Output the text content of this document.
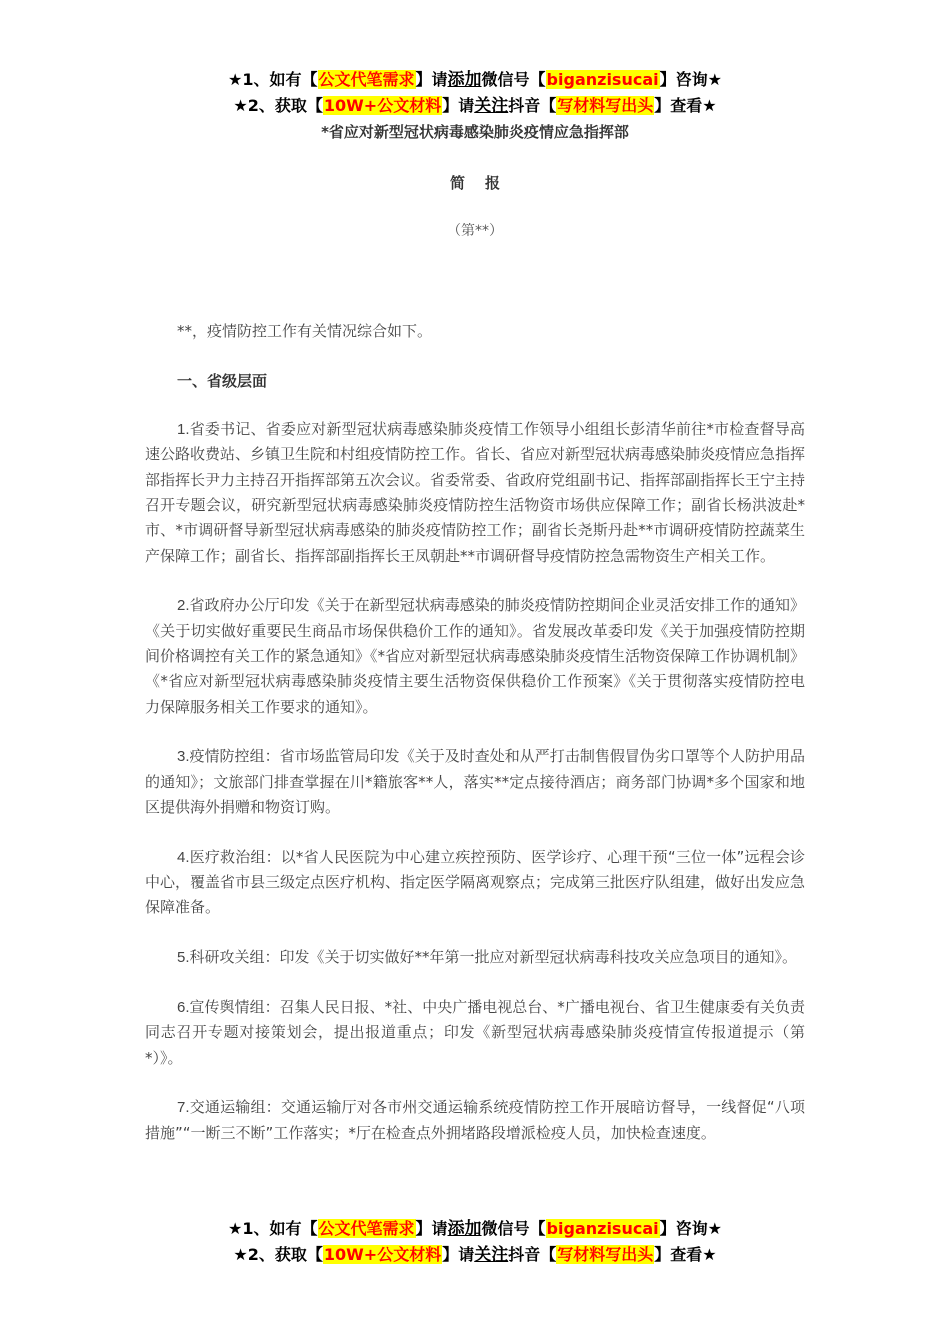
★1、如有【公文代笔需求】请添加微信号【biganzisucai】咨询★
★2、获取【10W+公文材料】请关注抖音【写材料写出头】查看★
*省应对新型冠状病毒感染肺炎疫情应急指挥部
简报
（第**）

**，疫情防控工作有关情况综合如下。

一、省级层面

1.省委书记、省委应对新型冠状病毒感染肺炎疫情工作领导小组组长彭清华前往*市检查督导高速公路收费站、乡镇卫生院和村组疫情防控工作。省长、省应对新型冠状病毒感染肺炎疫情应急指挥部指挥长尹力主持召开指挥部第五次会议。省委常委、省政府党组副书记、指挥部副指挥长王宁主持召开专题会议，研究新型冠状病毒感染肺炎疫情防控生活物资市场供应保障工作；副省长杨洪波赴*市、*市调研督导新型冠状病毒感染的肺炎疫情防控工作；副省长尧斯丹赴**市调研疫情防控蔬菜生产保障工作；副省长、指挥部副指挥长王凤朝赴**市调研督导疫情防控急需物资生产相关工作。

2.省政府办公厅印发《关于在新型冠状病毒感染的肺炎疫情防控期间企业灵活安排工作的通知》《关于切实做好重要民生商品市场保供稳价工作的通知》。省发展改革委印发《关于加强疫情防控期间价格调控有关工作的紧急通知》《*省应对新型冠状病毒感染肺炎疫情生活物资保障工作协调机制》《*省应对新型冠状病毒感染肺炎疫情主要生活物资保供稳价工作预案》《关于贯彻落实疫情防控电力保障服务相关工作要求的通知》。

3.疫情防控组：省市场监管局印发《关于及时查处和从严打击制售假冒伪劣口罩等个人防护用品的通知》；文旅部门排查掌握在川*籍旅客**人，落实**定点接待酒店；商务部门协调*多个国家和地区提供海外捐赠和物资订购。

4.医疗救治组：以*省人民医院为中心建立疾控预防、医学诊疗、心理干预“三位一体”远程会诊中心，覆盖省市县三级定点医疗机构、指定医学隔离观察点；完成第三批医疗队组建，做好出发应急保障准备。

5.科研攻关组：印发《关于切实做好**年第一批应对新型冠状病毒科技攻关应急项目的通知》。

6.宣传舆情组：召集人民日报、*社、中央广播电视总台、*广播电视台、省卫生健康委有关负责同志召开专题对接策划会，提出报道重点；印发《新型冠状病毒感染肺炎疫情宣传报道提示（第*）》。

7.交通运输组：交通运输厅对各市州交通运输系统疫情防控工作开展暗访督导，一线督促“八项措施”“一断三不断”工作落实；*厅在检查点外拥堵路段增派检疫人员，加快检查速度。

★1、如有【公文代笔需求】请添加微信号【biganzisucai】咨询★
★2、获取【10W+公文材料】请关注抖音【写材料写出头】查看★
